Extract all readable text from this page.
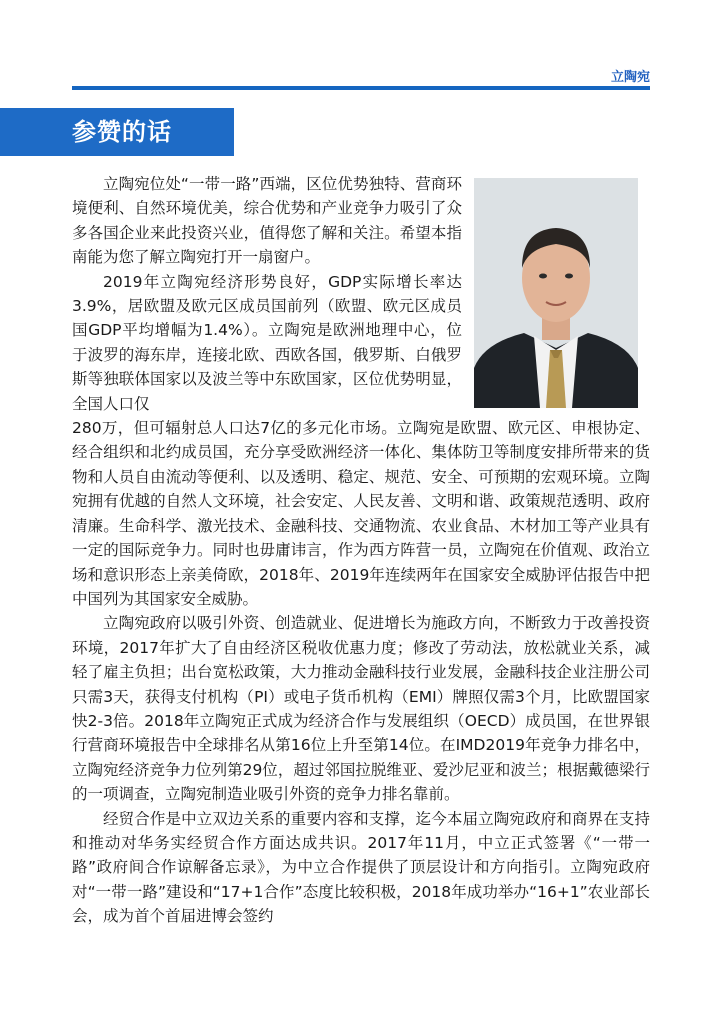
立陶宛
参赞的话

立陶宛位处“一带一路”西端，区位优势独特、营商环境便利、自然环境优美，综合优势和产业竞争力吸引了众多各国企业来此投资兴业，值得您了解和关注。希望本指南能为您了解立陶宛打开一扇窗户。

2019年立陶宛经济形势良好，GDP实际增长率达3.9%，居欧盟及欧元区成员国前列（欧盟、欧元区成员国GDP平均增幅为1.4%）。立陶宛是欧洲地理中心，位于波罗的海东岸，连接北欧、西欧各国，俄罗斯、白俄罗斯等独联体国家以及波兰等中东欧国家，区位优势明显，全国人口仅

280万，但可辐射总人口达7亿的多元化市场。立陶宛是欧盟、欧元区、申根协定、经合组织和北约成员国，充分享受欧洲经济一体化、集体防卫等制度安排所带来的货物和人员自由流动等便利、以及透明、稳定、规范、安全、可预期的宏观环境。立陶宛拥有优越的自然人文环境，社会安定、人民友善、文明和谐、政策规范透明、政府清廉。生命科学、激光技术、金融科技、交通物流、农业食品、木材加工等产业具有一定的国际竞争力。同时也毋庸讳言，作为西方阵营一员，立陶宛在价值观、政治立场和意识形态上亲美倚欧，2018年、2019年连续两年在国家安全威胁评估报告中把中国列为其国家安全威胁。

立陶宛政府以吸引外资、创造就业、促进增长为施政方向，不断致力于改善投资环境，2017年扩大了自由经济区税收优惠力度；修改了劳动法，放松就业关系，减轻了雇主负担；出台宽松政策，大力推动金融科技行业发展，金融科技企业注册公司只需3天，获得支付机构（PI）或电子货币机构（EMI）牌照仅需3个月，比欧盟国家快2-3倍。2018年立陶宛正式成为经济合作与发展组织（OECD）成员国，在世界银行营商环境报告中全球排名从第16位上升至第14位。在IMD2019年竞争力排名中，立陶宛经济竞争力位列第29位，超过邻国拉脱维亚、爱沙尼亚和波兰；根据戴德梁行的一项调查，立陶宛制造业吸引外资的竞争力排名靠前。

经贸合作是中立双边关系的重要内容和支撑，迄今本届立陶宛政府和商界在支持和推动对华务实经贸合作方面达成共识。2017年11月，中立正式签署《“一带一路”政府间合作谅解备忘录》，为中立合作提供了顶层设计和方向指引。立陶宛政府对“一带一路”建设和“17+1合作”态度比较积极，2018年成功举办“16+1”农业部长会，成为首个首届进博会签约
